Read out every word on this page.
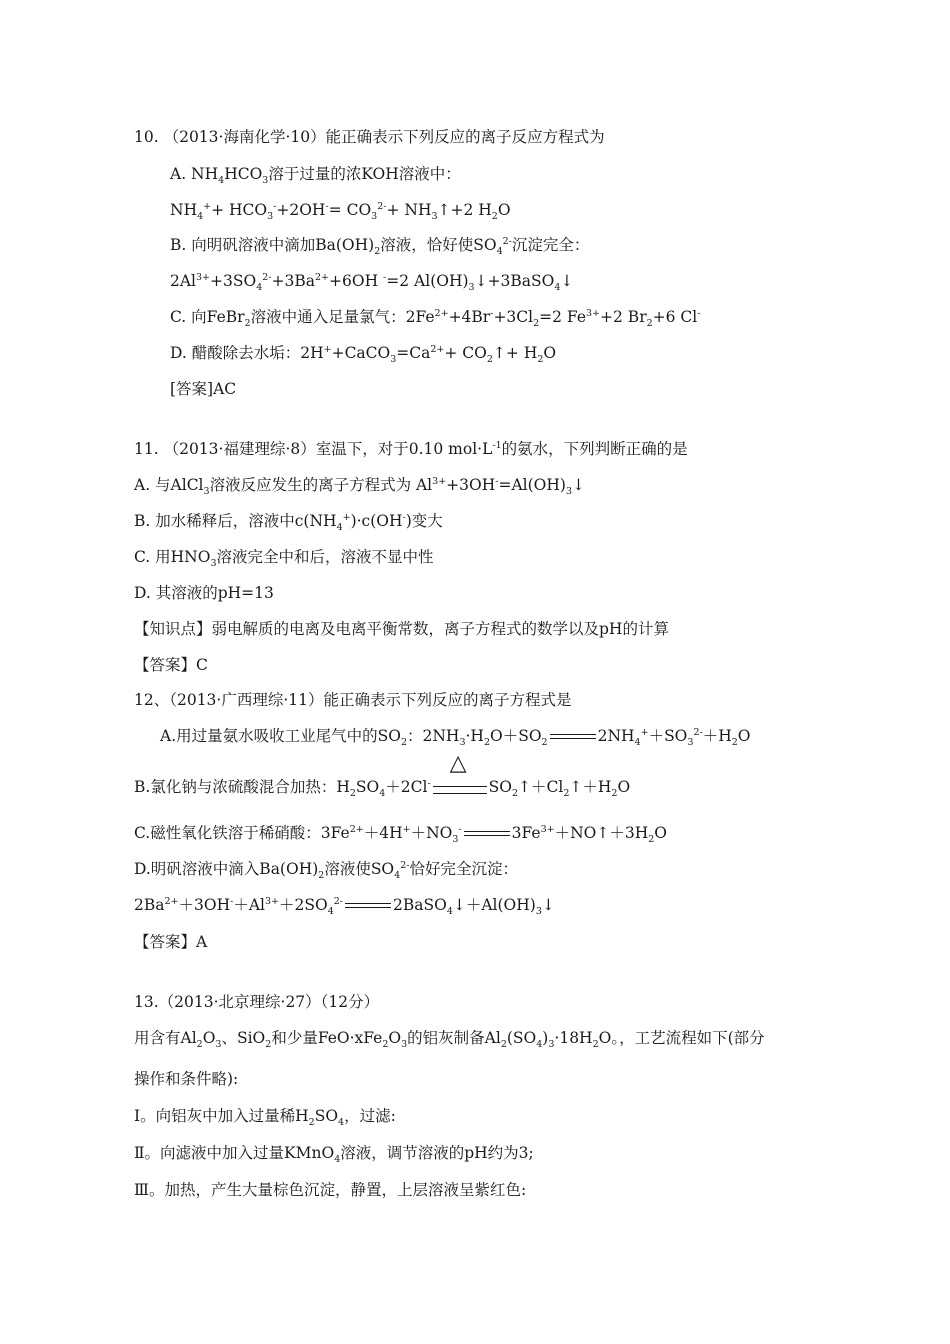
10. （2013·海南化学·10）能正确表示下列反应的离子反应方程式为
A. $NH_4HCO_3$溶于过量的浓KOH溶液中：
$NH_4^++ HCO_3^-+2OH^-= CO_3^{2-}+$ $NH_3↑+2$ $H_2O$
B. 向明矾溶液中滴加$Ba(OH)_2$溶液，恰好使$SO_4^{2-}$沉淀完全：
$2Al^{3+}+3SO_4^{2-}+3Ba^{2+}+6OH$ -=2 $Al(OH)_3↓+3BaSO_4↓$
C. 向FeBr$_2$溶液中通入足量氯气：$2Fe^{2+}+4Br^-+3Cl_2=2$ $Fe^{3+}+2$ $Br_2+6$ Cl-
D. 醋酸除去水垢：$2H^++CaCO_3=Ca^{2+}+$ $CO_2↑+ H_2O$
[答案]AC
11. （2013·福建理综·8）室温下，对于0.10 $mol\cdot L^{-1}$的氨水，下列判断正确的是
A. 与AlCl$_3$溶液反应发生的离子方程式为 $Al^{3+}+3OH^-=Al(OH)_3↓$
B. 加水稀释后，溶液中$c(NH_4^+)\cdot c(OH^-)$变大
C. 用$HNO_3$溶液完全中和后，溶液不显中性
D. 其溶液的pH=13
【知识点】弱电解质的电离及电离平衡常数，离子方程式的数学以及pH的计算
【答案】C
12、（2013·广西理综·11）能正确表示下列反应的离子方程式是
A.用过量氨水吸收工业尾气中的$SO_2$：$2NH_3\cdot H_2O+SO_2$	$2NH_4^++SO_3^{2-}+H_2O$
B.氯化钠与浓硫酸混合加热：$H_2SO_4+2Cl^-$
△
$SO_2↑+Cl_2↑+H_2O$
C.磁性氧化铁溶于稀硝酸：$3Fe^{2+}+4H^++NO_3^-$	$3Fe^{3+}+NO↑+3H_2O$
D.明矾溶液中滴入$Ba(OH)_2$溶液使$SO_4^{2-}$恰好完全沉淀：
$2Ba^{2+}+3OH^-+Al^{3+}+2SO_4^{2-}$	$2BaSO_4↓+Al(OH)_3↓$
【答案】A
13.（2013·北京理综·27）（12分）
用含有$Al_2O_3$、SiO$_2$和少量$FeO\cdot xFe_2O_3$的铝灰制备$Al_2(SO_4)_3\cdot 18H_2O$。，工艺流程如下(部分
操作和条件略):
Ⅰ。向铝灰中加入过量稀$H_2SO_4$，过滤:
Ⅱ。向滤液中加入过量KMnO$_4$溶液，调节溶液的pH约为3;
Ⅲ。加热，产生大量棕色沉淀，静置，上层溶液呈紫红色:
